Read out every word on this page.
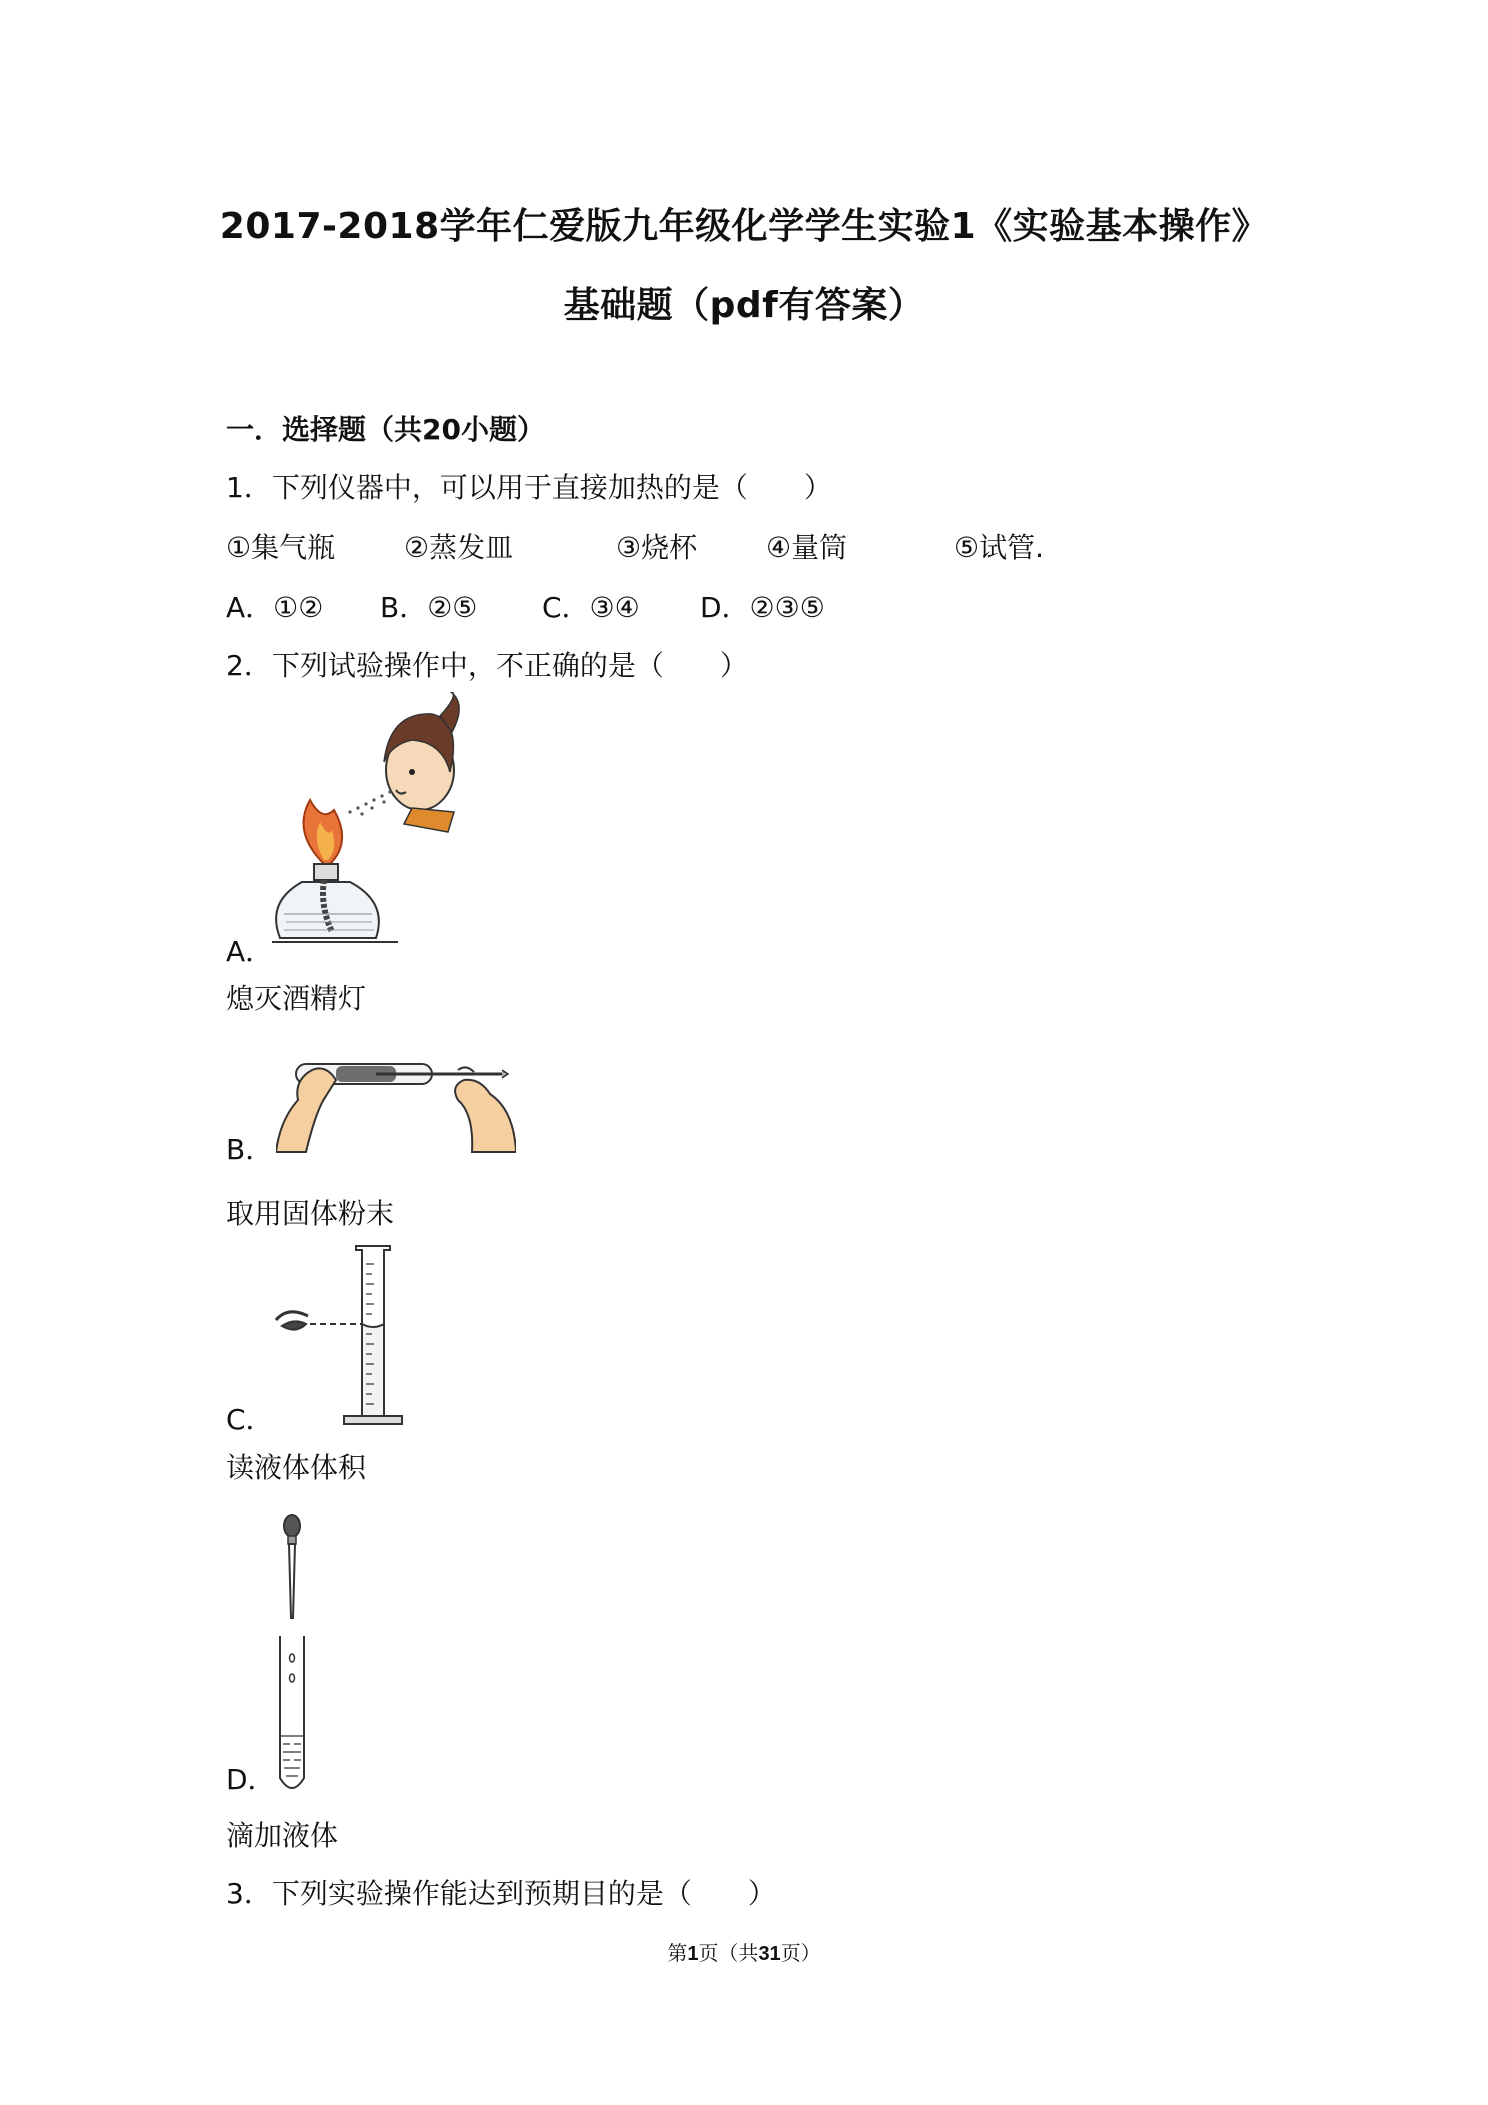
2017-2018学年仁爱版九年级化学学生实验1《实验基本操作》
基础题（pdf有答案）
一．选择题（共20小题）
1．下列仪器中，可以用于直接加热的是（　　）
①集气瓶 ②蒸发皿	③烧杯 ④量筒	⑤试管.
A．①② B．②⑤ C．③④ D．②③⑤
2．下列试验操作中，不正确的是（　　）
A．
熄灭酒精灯
B．
取用固体粉末
C．
读液体体积
D．
滴加液体
3．下列实验操作能达到预期目的是（　　）
第1页（共31页）
